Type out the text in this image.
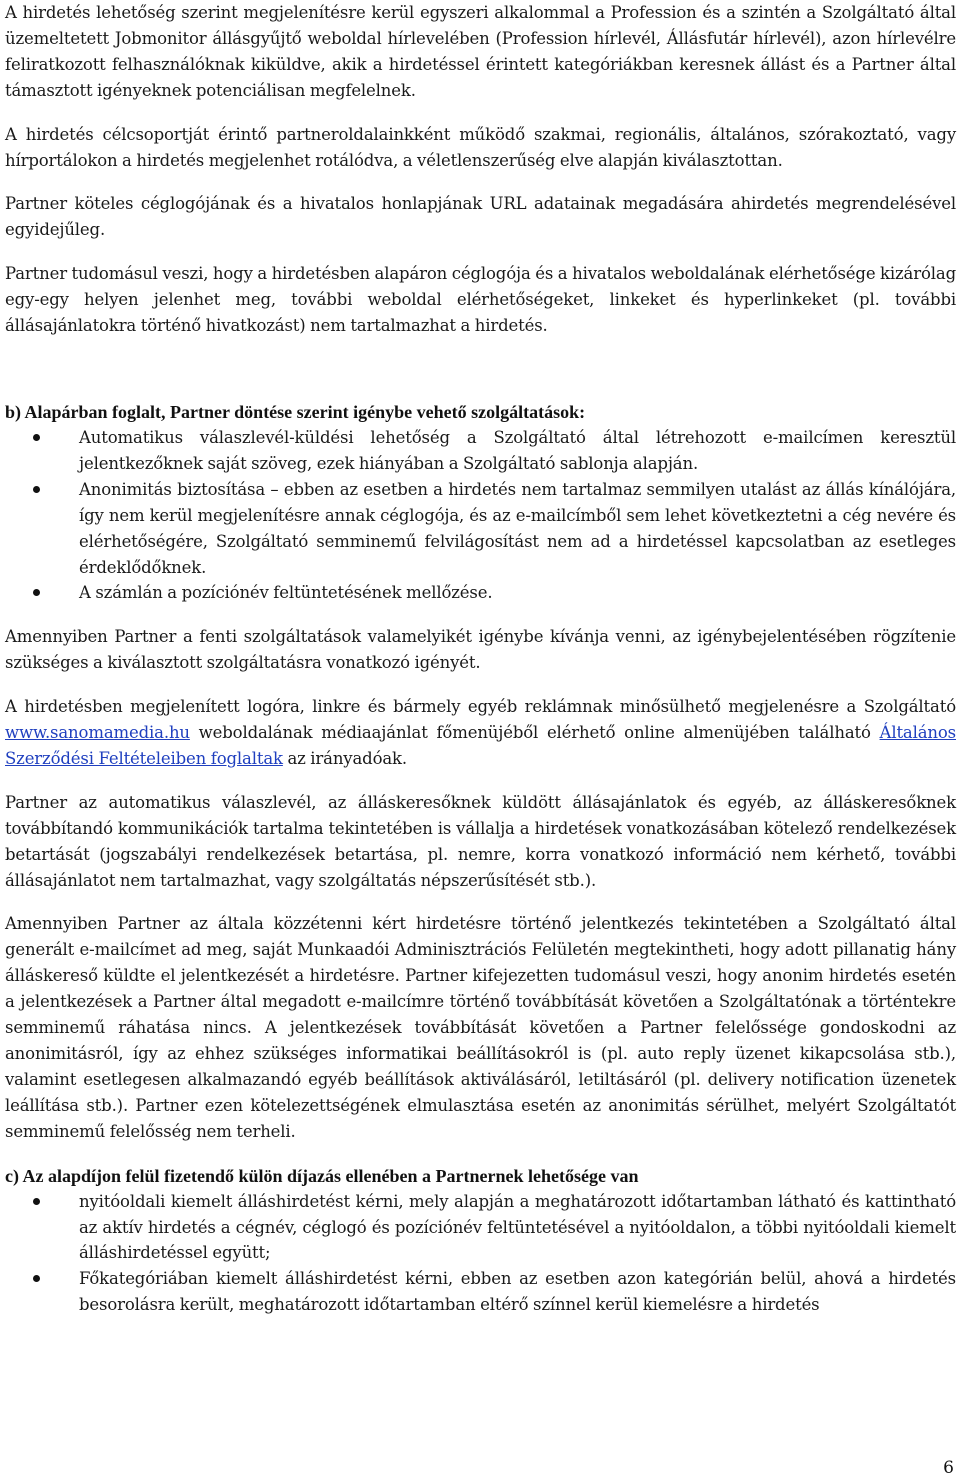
A hirdetés lehetőség szerint megjelenítésre kerül egyszeri alkalommal a Profession és a szintén a Szolgáltató által üzemeltetett Jobmonitor állásgyűjtő weboldal hírlevelében (Profession hírlevél, Állásfutár hírlevél), azon hírlevélre feliratkozott felhasználóknak kiküldve, akik a hirdetéssel érintett kategóriákban keresnek állást és a Partner által támasztott igényeknek potenciálisan megfelelnek.

A hirdetés célcsoportját érintő partneroldalainkként működő szakmai, regionális, általános, szórakoztató, vagy hírportálokon a hirdetés megjelenhet rotálódva, a véletlenszerűség elve alapján kiválasztottan.

Partner köteles céglogójának és a hivatalos honlapjának URL adatainak megadására ahirdetés megrendelésével egyidejűleg.

Partner tudomásul veszi, hogy a hirdetésben alapáron céglogója és a hivatalos weboldalának elérhetősége kizárólag egy-egy helyen jelenhet meg, további weboldal elérhetőségeket, linkeket és hyperlinkeket (pl. további állásajánlatokra történő hivatkozást) nem tartalmazhat a hirdetés.

b) Alapárban foglalt, Partner döntése szerint igénybe vehető szolgáltatások:

Automatikus válaszlevél-küldési lehetőség a Szolgáltató által létrehozott e-mailcímen keresztül jelentkezőknek saját szöveg, ezek hiányában a Szolgáltató sablonja alapján.

Anonimitás biztosítása – ebben az esetben a hirdetés nem tartalmaz semmilyen utalást az állás kínálójára, így nem kerül megjelenítésre annak céglogója, és az e-mailcímből sem lehet következtetni a cég nevére és elérhetőségére, Szolgáltató semminemű felvilágosítást nem ad a hirdetéssel kapcsolatban az esetleges érdeklődőknek.

A számlán a pozíciónév feltüntetésének mellőzése.

Amennyiben Partner a fenti szolgáltatások valamelyikét igénybe kívánja venni, az igénybejelentésében rögzítenie szükséges a kiválasztott szolgáltatásra vonatkozó igényét.

A hirdetésben megjelenített logóra, linkre és bármely egyéb reklámnak minősülhető megjelenésre a Szolgáltató www.sanomamedia.hu weboldalának médiaajánlat főmenüjéből elérhető online almenüjében található Általános Szerződési Feltételeiben foglaltak az irányadóak.

Partner az automatikus válaszlevél, az álláskeresőknek küldött állásajánlatok és egyéb, az álláskeresőknek továbbítandó kommunikációk tartalma tekintetében is vállalja a hirdetések vonatkozásában kötelező rendelkezések betartását (jogszabályi rendelkezések betartása, pl. nemre, korra vonatkozó információ nem kérhető, további állásajánlatot nem tartalmazhat, vagy szolgáltatás népszerűsítését stb.).

Amennyiben Partner az általa közzétenni kért hirdetésre történő jelentkezés tekintetében a Szolgáltató által generált e-mailcímet ad meg, saját Munkaadói Adminisztrációs Felületén megtekintheti, hogy adott pillanatig hány álláskereső küldte el jelentkezését a hirdetésre. Partner kifejezetten tudomásul veszi, hogy anonim hirdetés esetén a jelentkezések a Partner által megadott e-mailcímre történő továbbítását követően a Szolgáltatónak a történtekre semminemű ráhatása nincs. A jelentkezések továbbítását követően a Partner felelőssége gondoskodni az anonimitásról, így az ehhez szükséges informatikai beállításokról is (pl. auto reply üzenet kikapcsolása stb.), valamint esetlegesen alkalmazandó egyéb beállítások aktiválásáról, letiltásáról (pl. delivery notification üzenetek leállítása stb.). Partner ezen kötelezettségének elmulasztása esetén az anonimitás sérülhet, melyért Szolgáltatót semminemű felelősség nem terheli.

c) Az alapdíjon felül fizetendő külön díjazás ellenében a Partnernek lehetősége van

nyitóoldali kiemelt álláshirdetést kérni, mely alapján a meghatározott időtartamban látható és kattintható az aktív hirdetés a cégnév, céglogó és pozíciónév feltüntetésével a nyitóoldalon, a többi nyitóoldali kiemelt álláshirdetéssel együtt;

Főkategóriában kiemelt álláshirdetést kérni, ebben az esetben azon kategórián belül, ahová a hirdetés besorolásra került, meghatározott időtartamban eltérő színnel kerül kiemelésre a hirdetés

6
